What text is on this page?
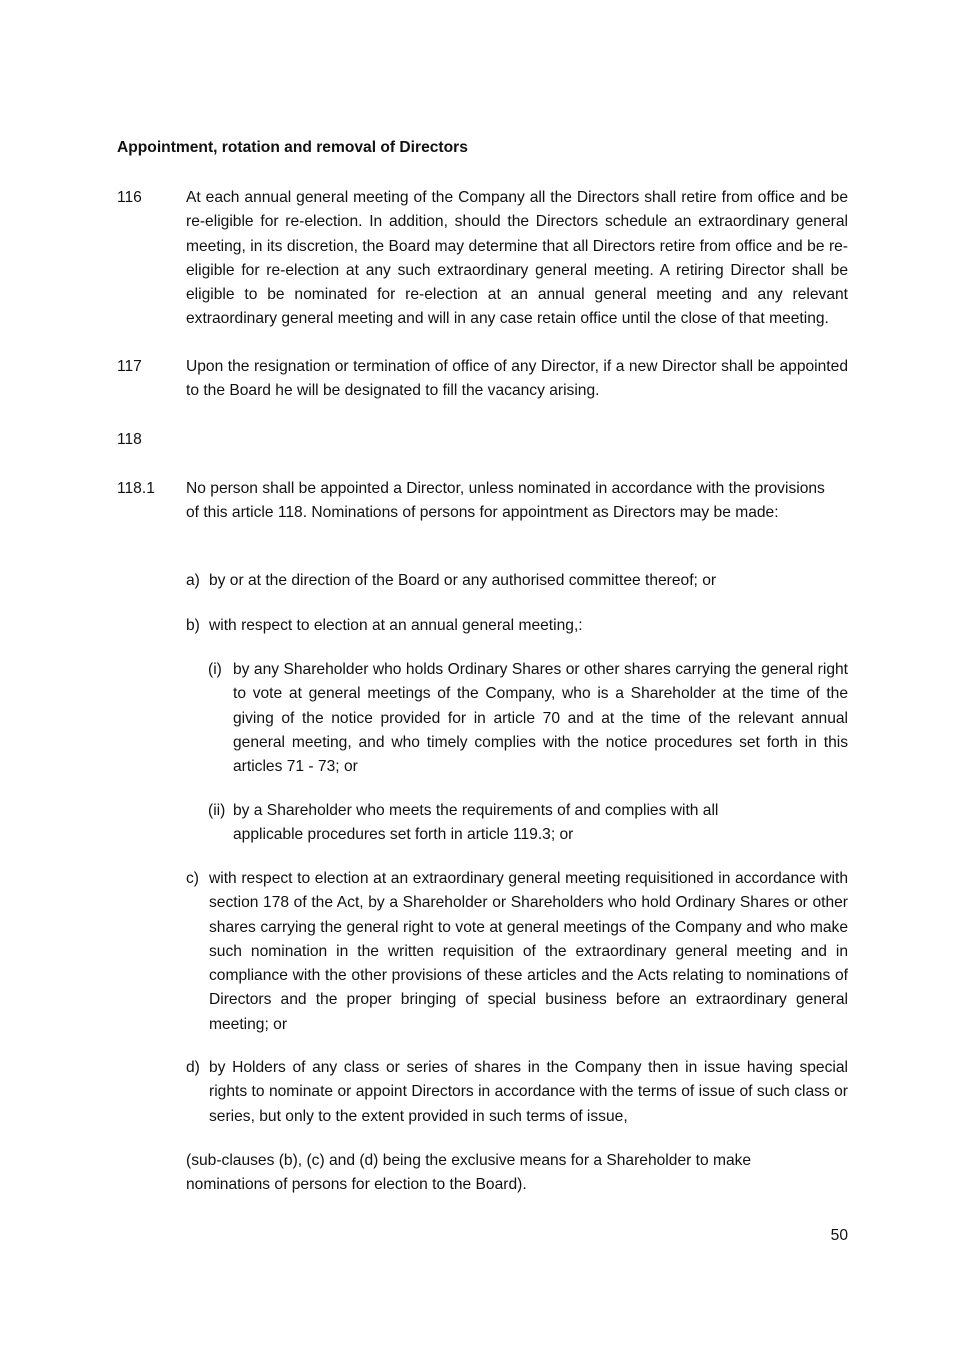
Appointment, rotation and removal of Directors
116	At each annual general meeting of the Company all the Directors shall retire from office and be re-eligible for re-election. In addition, should the Directors schedule an extraordinary general meeting, in its discretion, the Board may determine that all Directors retire from office and be re-eligible for re-election at any such extraordinary general meeting. A retiring Director shall be eligible to be nominated for re-election at an annual general meeting and any relevant extraordinary general meeting and will in any case retain office until the close of that meeting.
117	Upon the resignation or termination of office of any Director, if a new Director shall be appointed to the Board he will be designated to fill the vacancy arising.
118
118.1 No person shall be appointed a Director, unless nominated in accordance with the provisions of this article 118. Nominations of persons for appointment as Directors may be made:
a) by or at the direction of the Board or any authorised committee thereof; or
b) with respect to election at an annual general meeting,:
(i) by any Shareholder who holds Ordinary Shares or other shares carrying the general right to vote at general meetings of the Company, who is a Shareholder at the time of the giving of the notice provided for in article 70 and at the time of the relevant annual general meeting, and who timely complies with the notice procedures set forth in this articles 71 - 73; or
(ii) by a Shareholder who meets the requirements of and complies with all applicable procedures set forth in article 119.3; or
c) with respect to election at an extraordinary general meeting requisitioned in accordance with section 178 of the Act, by a Shareholder or Shareholders who hold Ordinary Shares or other shares carrying the general right to vote at general meetings of the Company and who make such nomination in the written requisition of the extraordinary general meeting and in compliance with the other provisions of these articles and the Acts relating to nominations of Directors and the proper bringing of special business before an extraordinary general meeting; or
d) by Holders of any class or series of shares in the Company then in issue having special rights to nominate or appoint Directors in accordance with the terms of issue of such class or series, but only to the extent provided in such terms of issue,
(sub-clauses (b), (c) and (d) being the exclusive means for a Shareholder to make nominations of persons for election to the Board).
50
